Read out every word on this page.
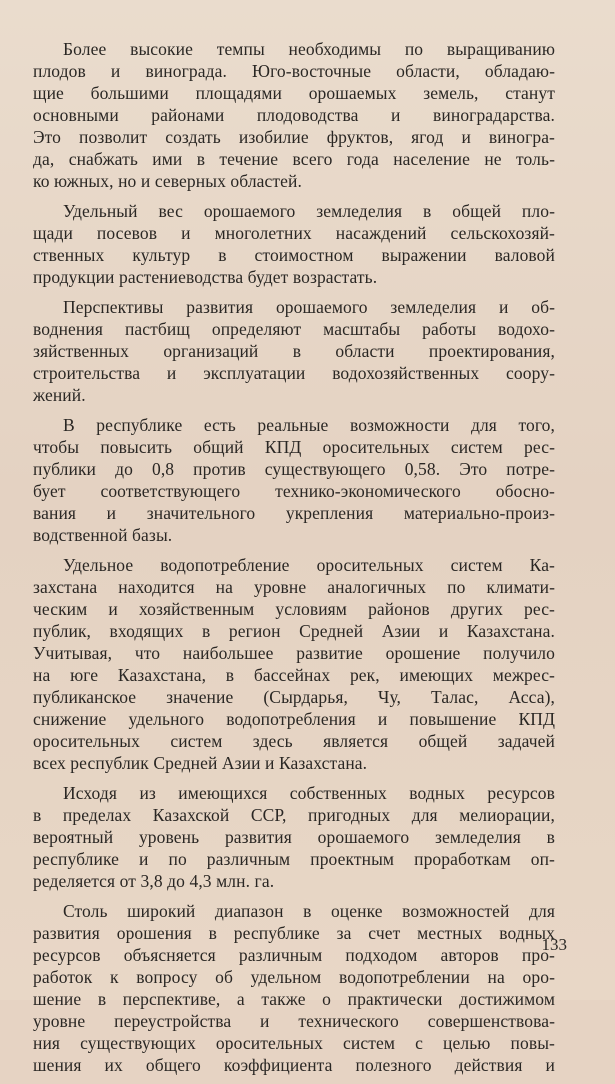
Более высокие темпы необходимы по выращиванию
плодов и винограда. Юго-восточные области, обладаю-
щие большими площадями орошаемых земель, станут
основными районами плодоводства и виноградарства.
Это позволит создать изобилие фруктов, ягод и виногра-
да, снабжать ими в течение всего года население не толь-
ко южных, но и северных областей.
Удельный вес орошаемого земледелия в общей пло-
щади посевов и многолетних насаждений сельскохозяй-
ственных культур в стоимостном выражении валовой
продукции растениеводства будет возрастать.
Перспективы развития орошаемого земледелия и об-
воднения пастбищ определяют масштабы работы водохо-
зяйственных организаций в области проектирования,
строительства и эксплуатации водохозяйственных соору-
жений.
В республике есть реальные возможности для того,
чтобы повысить общий КПД оросительных систем рес-
публики до 0,8 против существующего 0,58. Это потре-
бует соответствующего технико-экономического обосно-
вания и значительного укрепления материально-произ-
водственной базы.
Удельное водопотребление оросительных систем Ка-
захстана находится на уровне аналогичных по климати-
ческим и хозяйственным условиям районов других рес-
публик, входящих в регион Средней Азии и Казахстана.
Учитывая, что наибольшее развитие орошение получило
на юге Казахстана, в бассейнах рек, имеющих межрес-
публиканское значение (Сырдарья, Чу, Талас, Асса),
снижение удельного водопотребления и повышение КПД
оросительных систем здесь является общей задачей
всех республик Средней Азии и Казахстана.
Исходя из имеющихся собственных водных ресурсов
в пределах Казахской ССР, пригодных для мелиорации,
вероятный уровень развития орошаемого земледелия в
республике и по различным проектным проработкам оп-
ределяется от 3,8 до 4,3 млн. га.
Столь широкий диапазон в оценке возможностей для
развития орошения в республике за счет местных водных
ресурсов объясняется различным подходом авторов про-
работок к вопросу об удельном водопотреблении на оро-
шение в перспективе, а также о практически достижимом
уровне переустройства и технического совершенствова-
ния существующих оросительных систем с целью повы-
шения их общего коэффициента полезного действия и
133
